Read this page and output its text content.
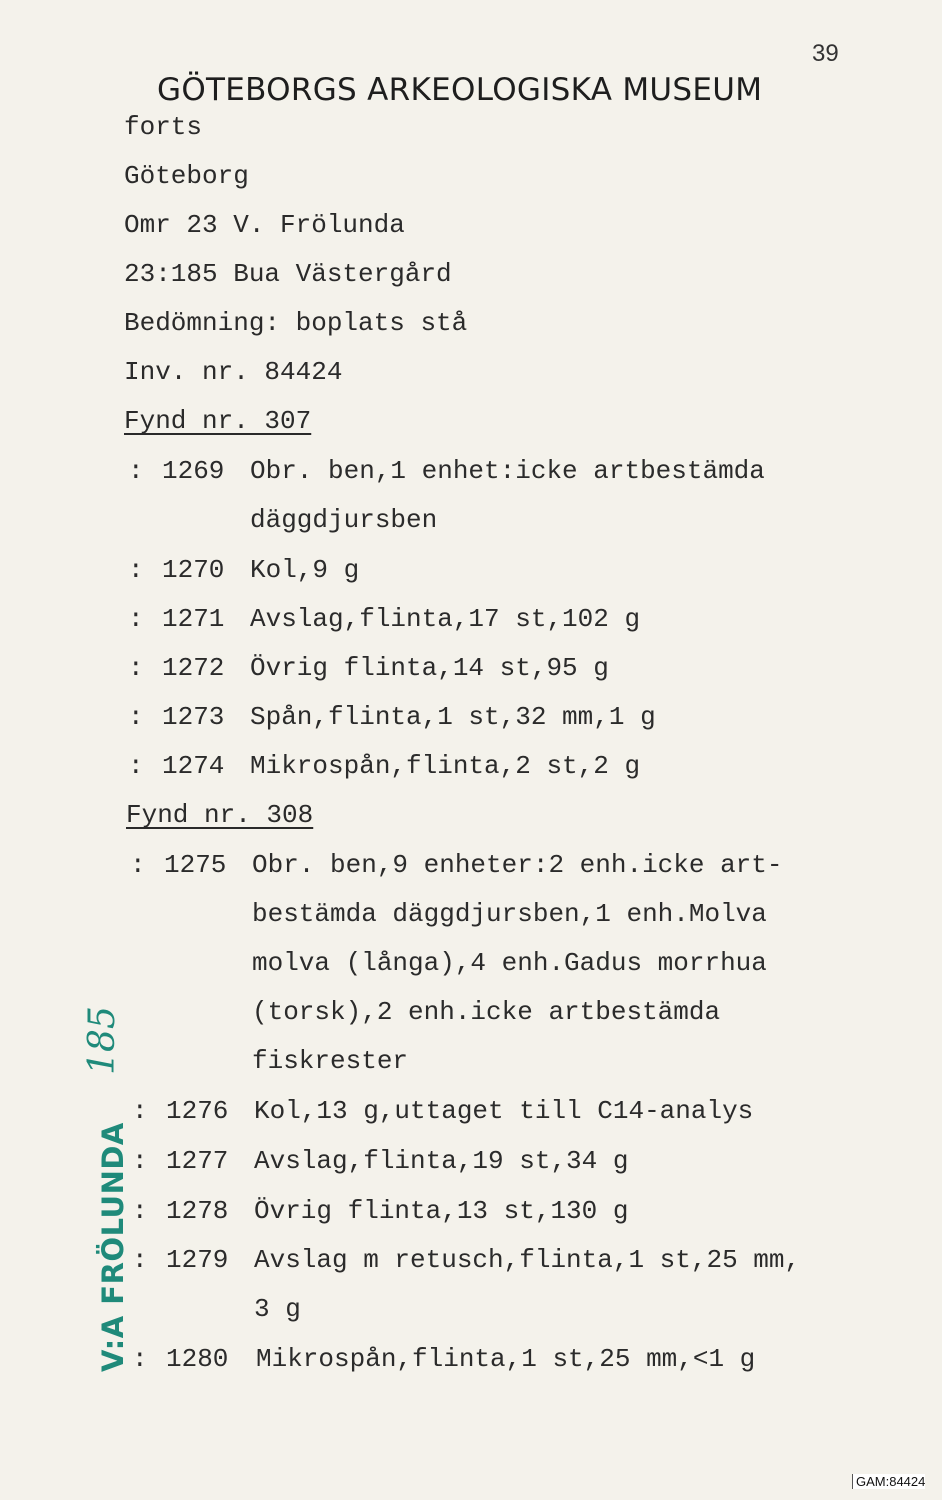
39
GÖTEBORGS ARKEOLOGISKA MUSEUM
forts
Göteborg
Omr 23 V. Frölunda
23:185 Bua Västergård
Bedömning: boplats stå
Inv. nr. 84424
Fynd nr. 307
: 1269 Obr. ben,1 enhet:icke artbestämda
däggdjursben
: 1270 Kol,9 g
: 1271 Avslag,flinta,17 st,102 g
: 1272 Övrig flinta,14 st,95 g
: 1273 Spån,flinta,1 st,32 mm,1 g
: 1274 Mikrospån,flinta,2 st,2 g
Fynd nr. 308
: 1275 Obr. ben,9 enheter:2 enh.icke art-
bestämda däggdjursben,1 enh.Molva
molva (långa),4 enh.Gadus morrhua
(torsk),2 enh.icke artbestämda
fiskrester
: 1276 Kol,13 g,uttaget till C14-analys
: 1277 Avslag,flinta,19 st,34 g
: 1278 Övrig flinta,13 st,130 g
: 1279 Avslag m retusch,flinta,1 st,25 mm,
3 g
: 1280 Mikrospån,flinta,1 st,25 mm,<1 g
V:A FRÖLUNDA
185
GAM:84424
